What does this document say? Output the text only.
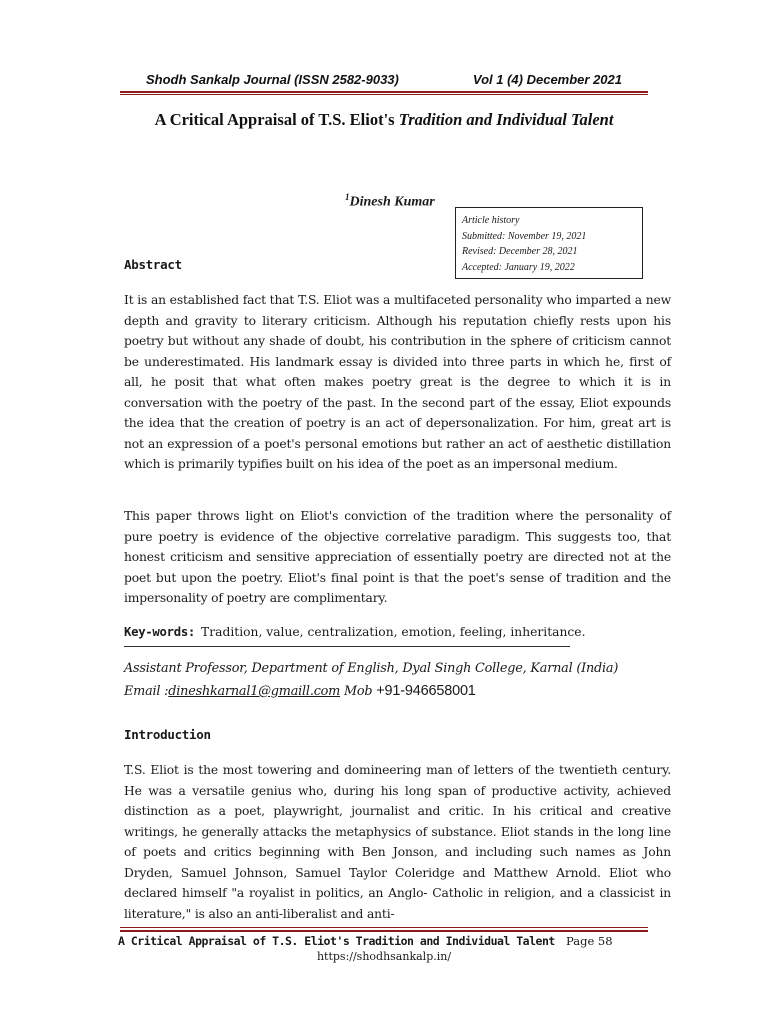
Shodh Sankalp Journal (ISSN 2582-9033)	Vol 1 (4) December 2021
A Critical Appraisal of T.S. Eliot's Tradition and Individual Talent
$^1$Dinesh Kumar
Article history
Submitted: November 19, 2021
Revised: December 28, 2021
Accepted: January 19, 2022
Abstract

It is an established fact that T.S. Eliot was a multifaceted personality who imparted a new depth and gravity to literary criticism. Although his reputation chiefly rests upon his poetry but without any shade of doubt, his contribution in the sphere of criticism cannot be underestimated. His landmark essay is divided into three parts in which he, first of all, he posit that what often makes poetry great is the degree to which it is in conversation with the poetry of the past. In the second part of the essay, Eliot expounds the idea that the creation of poetry is an act of depersonalization. For him, great art is not an expression of a poet's personal emotions but rather an act of aesthetic distillation which is primarily typifies built on his idea of the poet as an impersonal medium.

This paper throws light on Eliot's conviction of the tradition where the personality of pure poetry is evidence of the objective correlative paradigm. This suggests too, that honest criticism and sensitive appreciation of essentially poetry are directed not at the poet but upon the poetry. Eliot's final point is that the poet's sense of tradition and the impersonality of poetry are complimentary.

Key-words: Tradition, value, centralization, emotion, feeling, inheritance.
Assistant Professor, Department of English, Dyal Singh College, Karnal (India)
Email :dineshkarnal1@gmaill.com Mob +91-946658001
Introduction

T.S. Eliot is the most towering and domineering man of letters of the twentieth century. He was a versatile genius who, during his long span of productive activity, achieved distinction as a poet, playwright, journalist and critic. In his critical and creative writings, he generally attacks the metaphysics of substance. Eliot stands in the long line of poets and critics beginning with Ben Jonson, and including such names as John Dryden, Samuel Johnson, Samuel Taylor Coleridge and Matthew Arnold. Eliot who declared himself "a royalist in politics, an Anglo- Catholic in religion, and a classicist in literature," is also an anti-liberalist and anti-

A Critical Appraisal of T.S. Eliot's Tradition and Individual Talent Page 58
https://shodhsankalp.in/
